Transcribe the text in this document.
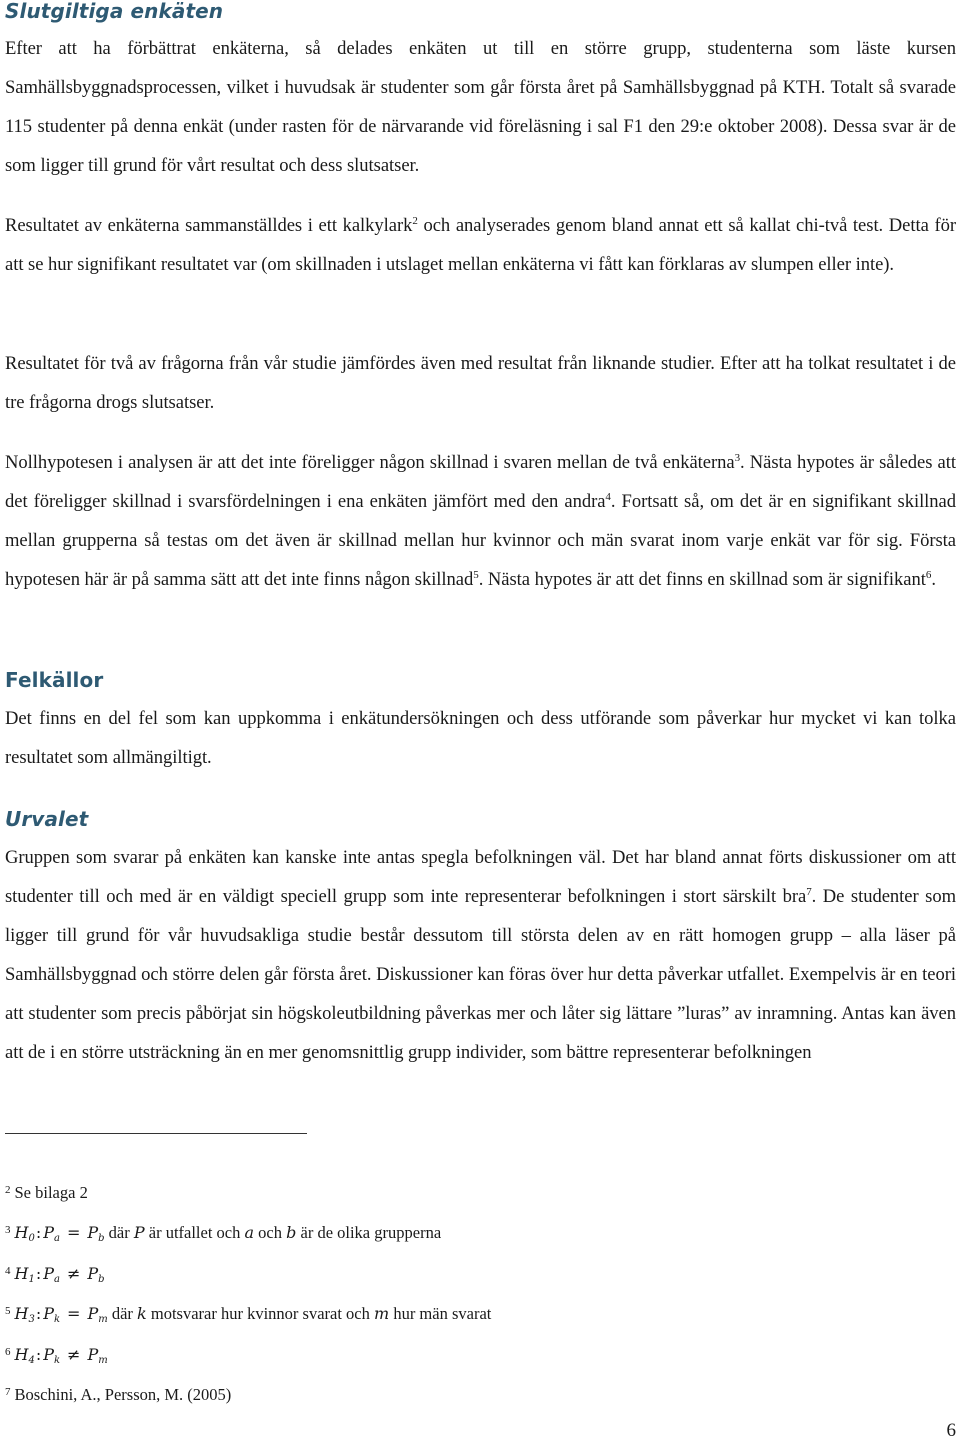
Slutgiltiga enkäten

Efter att ha förbättrat enkäterna, så delades enkäten ut till en större grupp, studenterna som läste kursen Samhällsbyggnadsprocessen, vilket i huvudsak är studenter som går första året på Samhällsbyggnad på KTH. Totalt så svarade 115 studenter på denna enkät (under rasten för de närvarande vid föreläsning i sal F1 den 29:e oktober 2008). Dessa svar är de som ligger till grund för vårt resultat och dess slutsatser.

Resultatet av enkäterna sammanställdes i ett kalkylark$^2$ och analyserades genom bland annat ett så kallat chi-två test. Detta för att se hur signifikant resultatet var (om skillnaden i utslaget mellan enkäterna vi fått kan förklaras av slumpen eller inte).

Resultatet för två av frågorna från vår studie jämfördes även med resultat från liknande studier. Efter att ha tolkat resultatet i de tre frågorna drogs slutsatser.

Nollhypotesen i analysen är att det inte föreligger någon skillnad i svaren mellan de två enkäterna$^3$. Nästa hypotes är således att det föreligger skillnad i svarsfördelningen i ena enkäten jämfört med den andra$^4$. Fortsatt så, om det är en signifikant skillnad mellan grupperna så testas om det även är skillnad mellan hur kvinnor och män svarat inom varje enkät var för sig. Första hypotesen här är på samma sätt att det inte finns någon skillnad$^5$. Nästa hypotes är att det finns en skillnad som är signifikant$^6$.

Felkällor

Det finns en del fel som kan uppkomma i enkätundersökningen och dess utförande som påverkar hur mycket vi kan tolka resultatet som allmängiltigt.

Urvalet

Gruppen som svarar på enkäten kan kanske inte antas spegla befolkningen väl. Det har bland annat förts diskussioner om att studenter till och med är en väldigt speciell grupp som inte representerar befolkningen i stort särskilt bra$^7$. De studenter som ligger till grund för vår huvudsakliga studie består dessutom till största delen av en rätt homogen grupp – alla läser på Samhällsbyggnad och större delen går första året. Diskussioner kan föras över hur detta påverkar utfallet. Exempelvis är en teori att studenter som precis påbörjat sin högskoleutbildning påverkas mer och låter sig lättare ”luras” av inramning. Antas kan även att de i en större utsträckning än en mer genomsnittlig grupp individer, som bättre representerar befolkningen

$^2$ Se bilaga 2
$^3$ $H_0$: $P_a = P_b$ där P är utfallet och a och b är de olika grupperna
$^4$ $H_1$: $P_a \ne P_b$
$^5$ $H_3$: $P_k = P_m$ där k motsvarar hur kvinnor svarat och m hur män svarat
$^6$ $H_4$: $P_k \ne P_m$
$^7$ Boschini, A., Persson, M. (2005)
6
